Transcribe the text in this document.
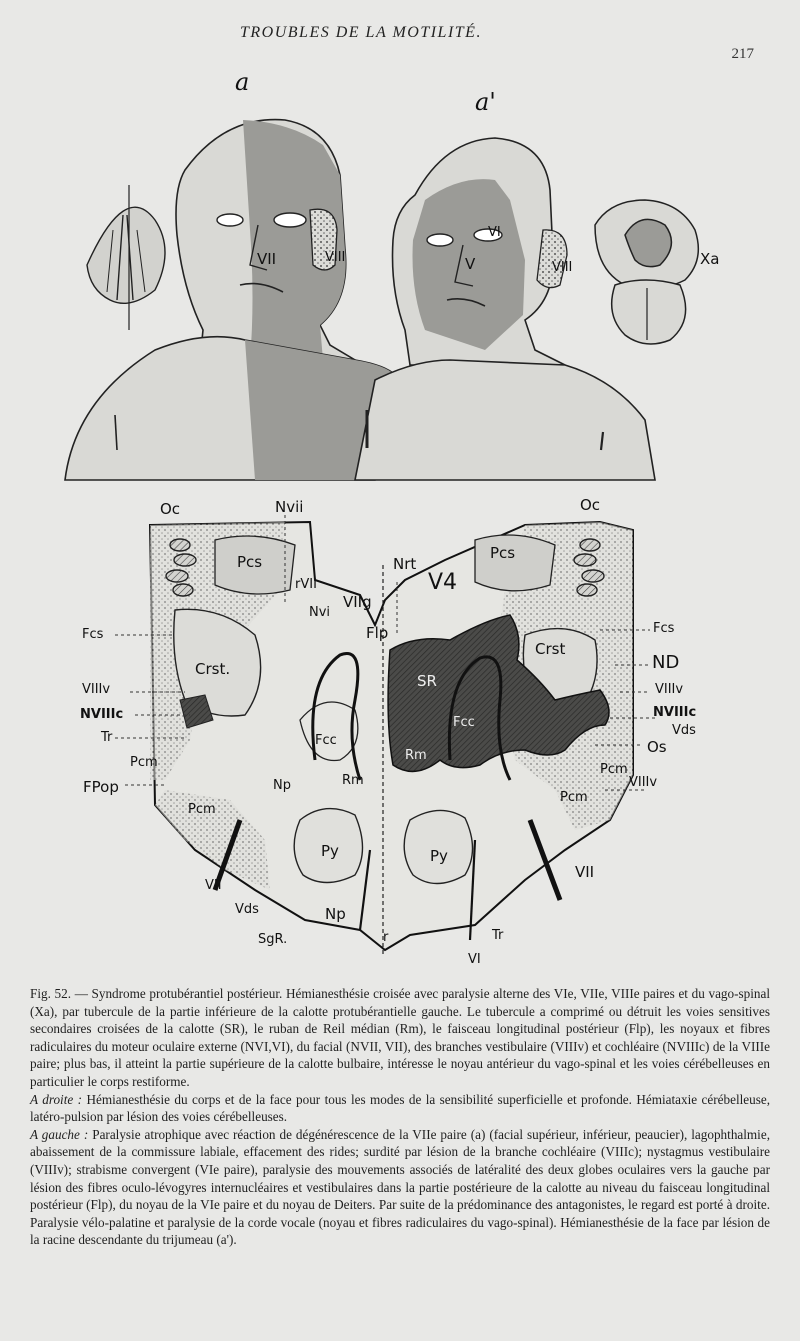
TROUBLES DE LA MOTILITÉ.
217
a
a'
VII	VIII	V
VI
VIII	Xa
Oc	Nvii
Nrt
V4
Oc
Pcs	Pcs
rVII
Nvi
VIIg
Flp
Fcs	Fcs
Crst.
Crst
ND
VIIIv	VIIIv
NVIIIc	NVIIIc
SR
Vds
Tr
Os
Fcc
Fcc
Pcm
Pcm
Pcm
Pcm
FPop	Np	Rm
Rm
VIIIv
Py	Py
VII
VII
Vds	Np
SgR.	r	Tr
VI

Fig. 52. — Syndrome protubérantiel postérieur. Hémianesthésie croisée avec paralysie alterne des VIe, VIIe, VIIIe paires et du vago-spinal (Xa), par tubercule de la partie inférieure de la calotte protubérantielle gauche. Le tubercule a comprimé ou détruit les voies sensitives secondaires croisées de la calotte (SR), le ruban de Reil médian (Rm), le faisceau longitudinal postérieur (Flp), les noyaux et fibres radiculaires du moteur oculaire externe (NVI,VI), du facial (NVII, VII), des branches vestibulaire (VIIIv) et cochléaire (NVIIIc) de la VIIIe paire; plus bas, il atteint la partie supérieure de la calotte bulbaire, intéresse le noyau antérieur du vago-spinal et les voies cérébelleuses en particulier le corps restiforme.

A droite : Hémianesthésie du corps et de la face pour tous les modes de la sensibilité superficielle et profonde. Hémiataxie cérébelleuse, latéro-pulsion par lésion des voies cérébelleuses.

A gauche : Paralysie atrophique avec réaction de dégénérescence de la VIIe paire (a) (facial supérieur, inférieur, peaucier), lagophthalmie, abaissement de la commissure labiale, effacement des rides; surdité par lésion de la branche cochléaire (VIIIc); nystagmus vestibulaire (VIIIv); strabisme convergent (VIe paire), paralysie des mouvements associés de latéralité des deux globes oculaires vers la gauche par lésion des fibres oculo-lévogyres internucléaires et vestibulaires dans la partie postérieure de la calotte au niveau du faisceau longitudinal postérieur (Flp), du noyau de la VIe paire et du noyau de Deiters. Par suite de la prédominance des antagonistes, le regard est porté à droite. Paralysie vélo-palatine et paralysie de la corde vocale (noyau et fibres radiculaires du vago-spinal). Hémianesthésie de la face par lésion de la racine descendante du trijumeau (a').
